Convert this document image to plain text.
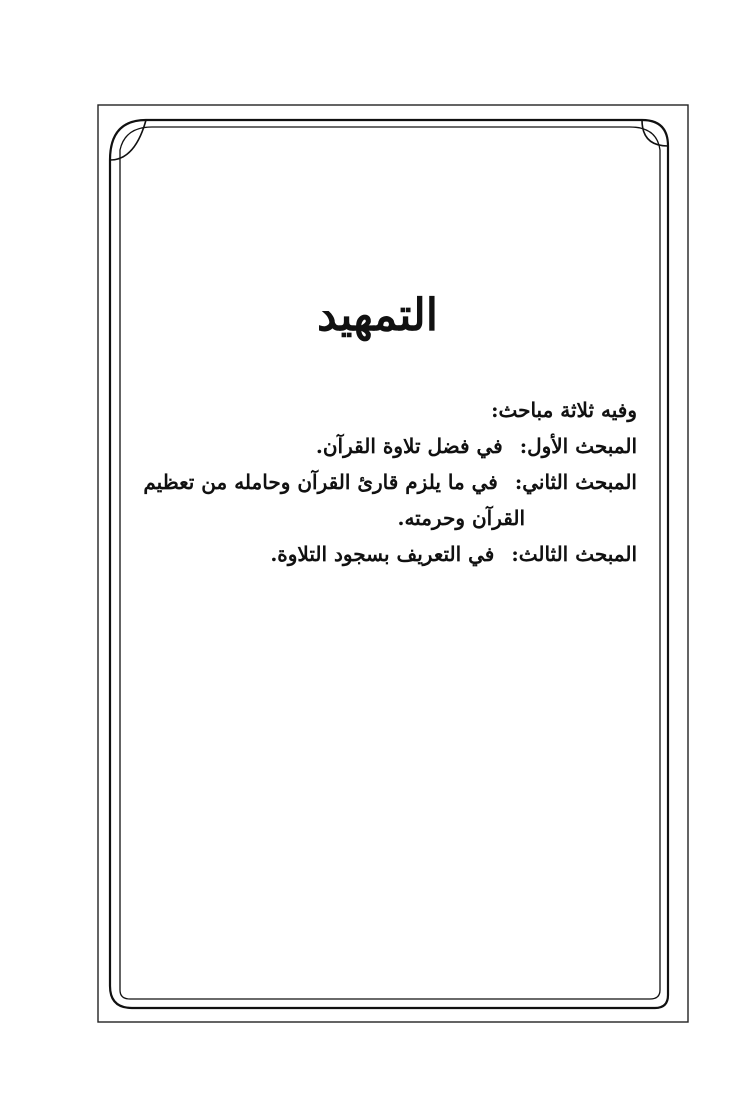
التمهيد
وفيه ثلاثة مباحث:
المبحث الأول: في فضل تلاوة القرآن.
المبحث الثاني: في ما يلزم قارئ القرآن وحامله من تعظيم
القرآن وحرمته.
المبحث الثالث: في التعريف بسجود التلاوة.
